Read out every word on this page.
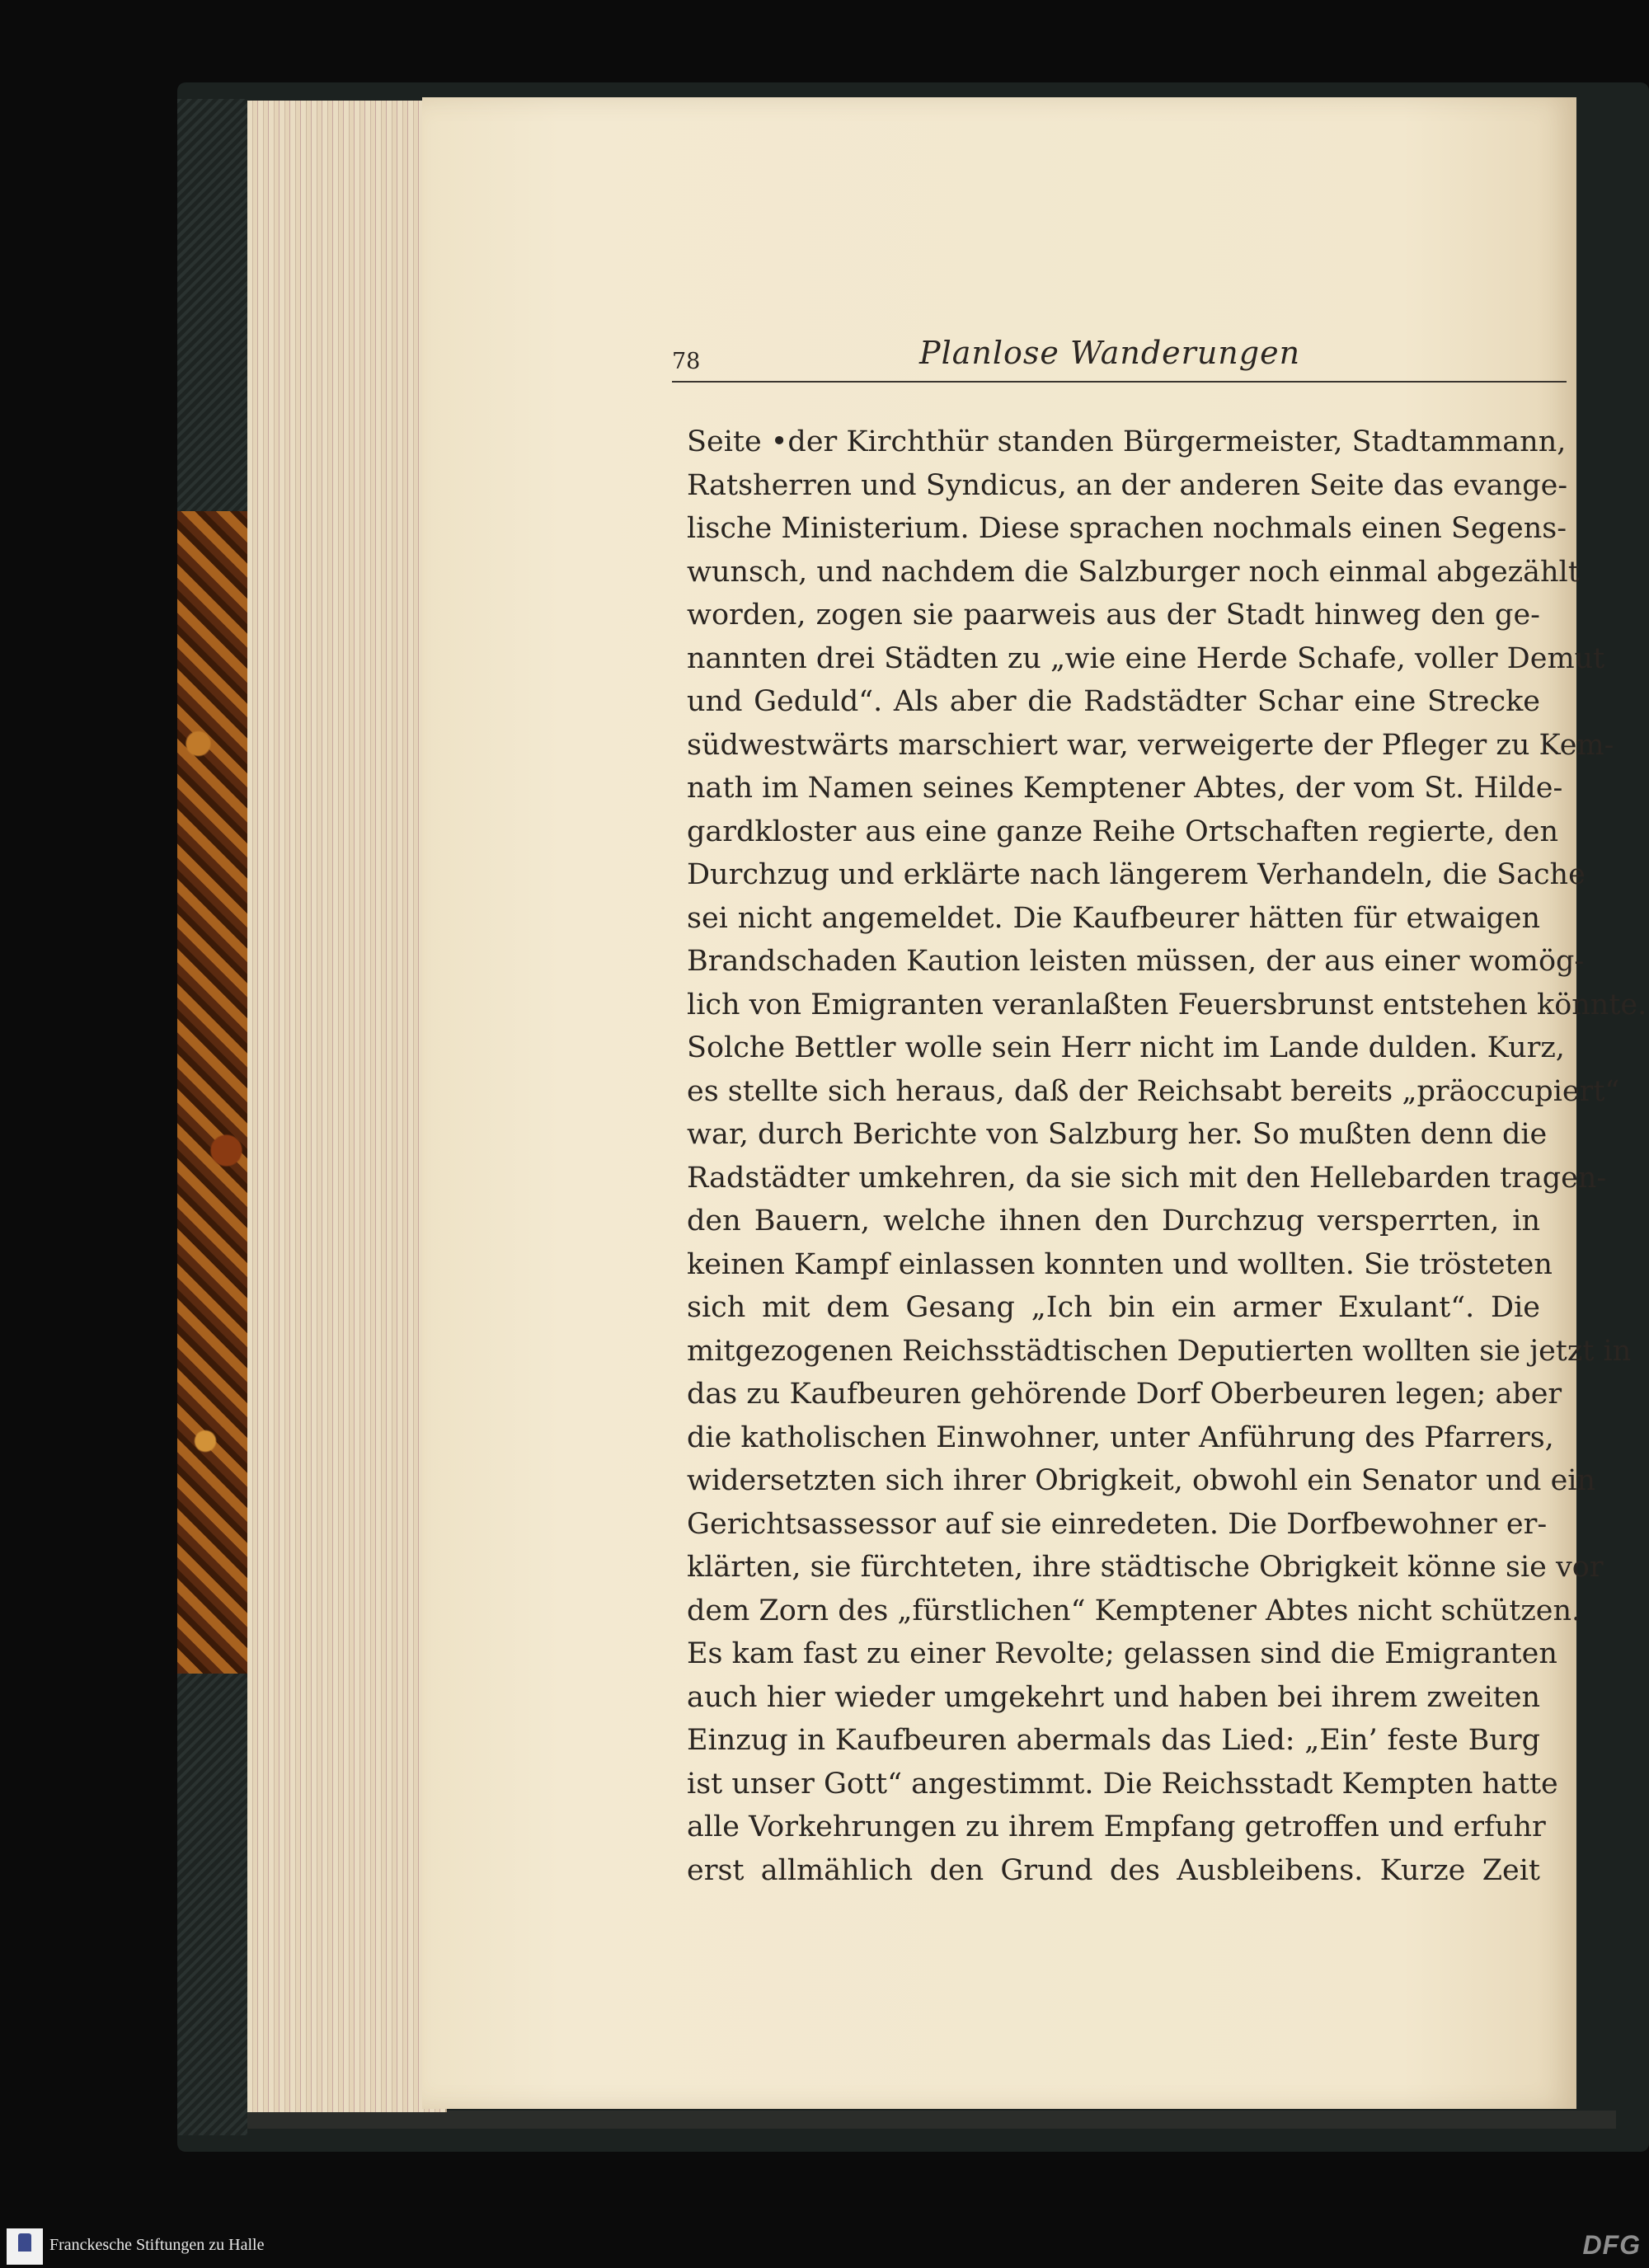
78	Planlose Wanderungen
Seite •der Kirchthür standen Bürgermeister, Stadtammann,
Ratsherren und Syndicus, an der anderen Seite das evange-
lische Ministerium. Diese sprachen nochmals einen Segens-
wunsch, und nachdem die Salzburger noch einmal abgezählt
worden, zogen sie paarweis aus der Stadt hinweg den ge-
nannten drei Städten zu „wie eine Herde Schafe, voller Demut
und Geduld“. Als aber die Radstädter Schar eine Strecke
südwestwärts marschiert war, verweigerte der Pfleger zu Kem-
nath im Namen seines Kemptener Abtes, der vom St. Hilde-
gardkloster aus eine ganze Reihe Ortschaften regierte, den
Durchzug und erklärte nach längerem Verhandeln, die Sache
sei nicht angemeldet. Die Kaufbeurer hätten für etwaigen
Brandschaden Kaution leisten müssen, der aus einer womög-
lich von Emigranten veranlaßten Feuersbrunst entstehen könnte.
Solche Bettler wolle sein Herr nicht im Lande dulden. Kurz,
es stellte sich heraus, daß der Reichsabt bereits „präoccupiert“
war, durch Berichte von Salzburg her. So mußten denn die
Radstädter umkehren, da sie sich mit den Hellebarden tragen-
den Bauern, welche ihnen den Durchzug versperrten, in
keinen Kampf einlassen konnten und wollten. Sie trösteten
sich mit dem Gesang „Ich bin ein armer Exulant“. Die
mitgezogenen Reichsstädtischen Deputierten wollten sie jetzt in
das zu Kaufbeuren gehörende Dorf Oberbeuren legen; aber
die katholischen Einwohner, unter Anführung des Pfarrers,
widersetzten sich ihrer Obrigkeit, obwohl ein Senator und ein
Gerichtsassessor auf sie einredeten. Die Dorfbewohner er-
klärten, sie fürchteten, ihre städtische Obrigkeit könne sie vor
dem Zorn des „fürstlichen“ Kemptener Abtes nicht schützen.
Es kam fast zu einer Revolte; gelassen sind die Emigranten
auch hier wieder umgekehrt und haben bei ihrem zweiten
Einzug in Kaufbeuren abermals das Lied: „Ein’ feste Burg
ist unser Gott“ angestimmt. Die Reichsstadt Kempten hatte
alle Vorkehrungen zu ihrem Empfang getroffen und erfuhr
erst allmählich den Grund des Ausbleibens. Kurze Zeit
Franckesche Stiftungen zu Halle	DFG
